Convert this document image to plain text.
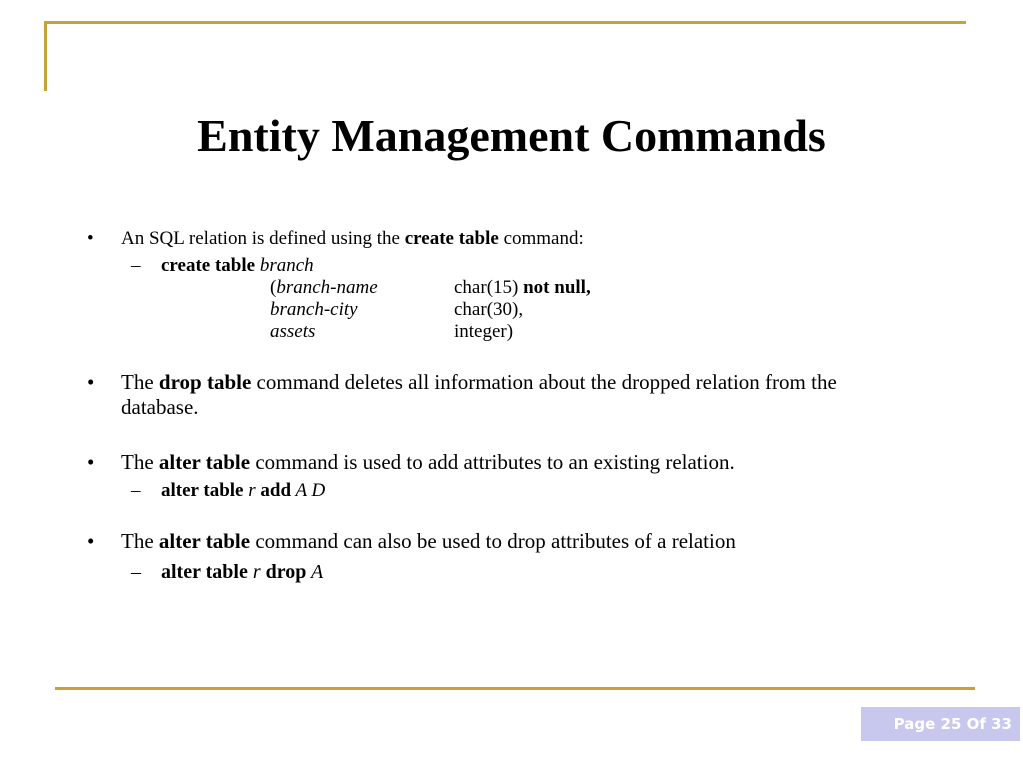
Entity Management Commands
• An SQL relation is defined using the create table command:
– create table branch
(branch-name	char(15) not null,
branch-city	char(30),
assets	integer)
• The drop table command deletes all information about the dropped relation from the
database.
• The alter table command is used to add attributes to an existing relation.
– alter table r add A D
• The alter table command can also be used to drop attributes of a relation
– alter table r drop A
Page 25 Of 33
